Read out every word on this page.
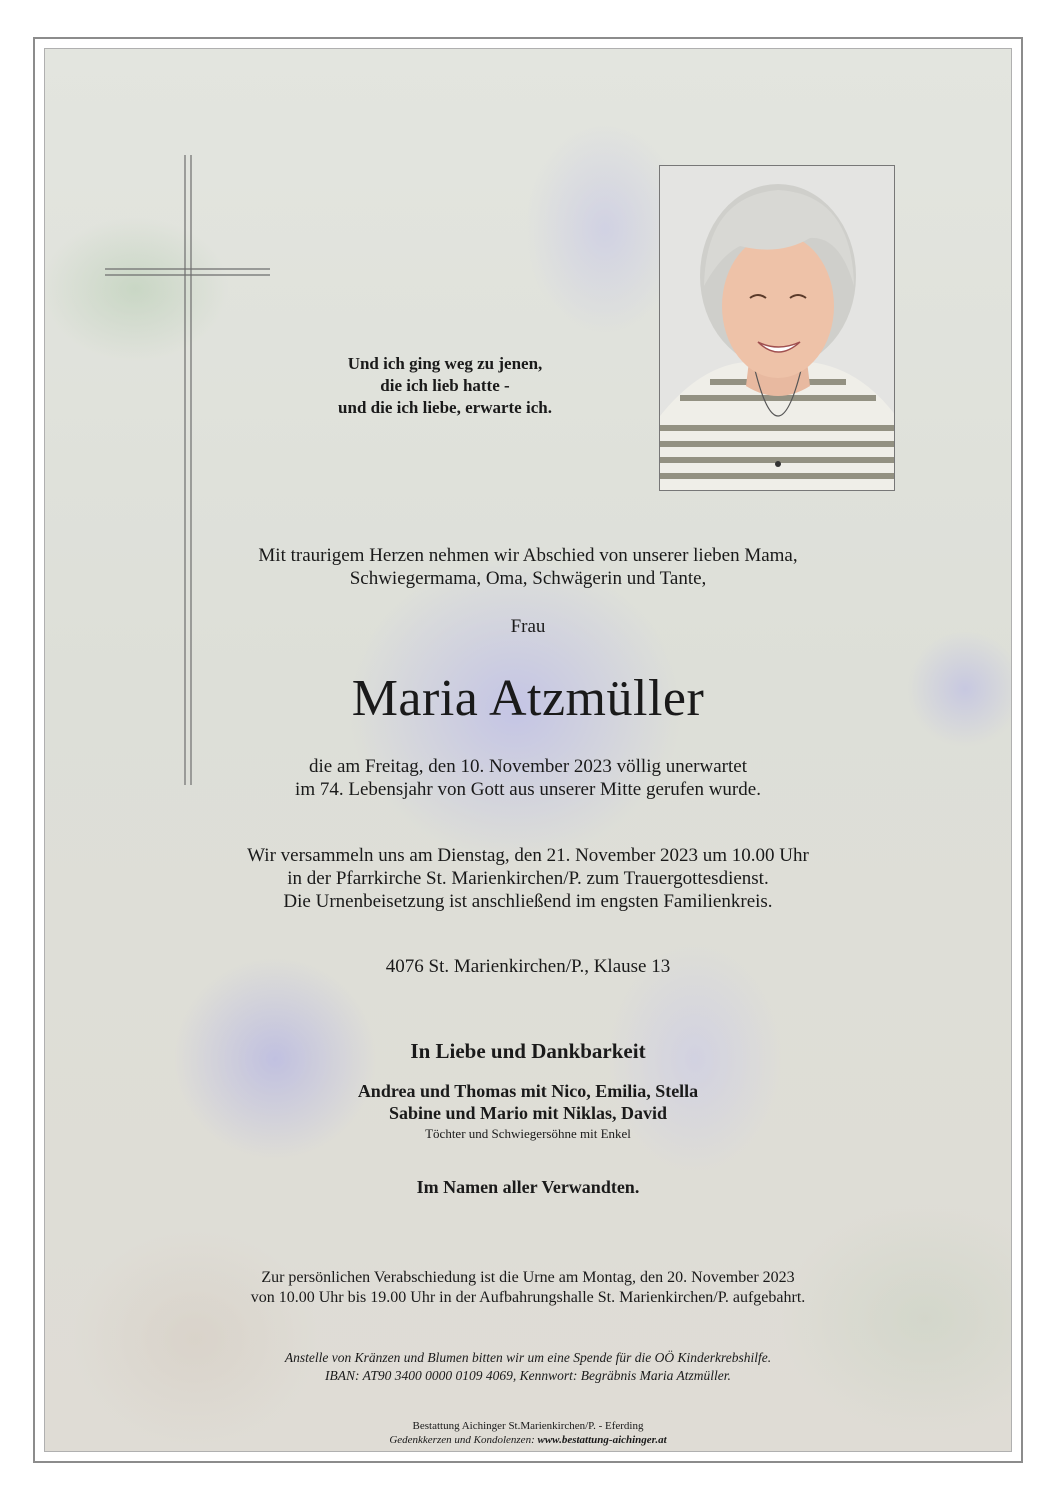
Und ich ging weg zu jenen,
die ich lieb hatte -
und die ich liebe, erwarte ich.
Mit traurigem Herzen nehmen wir Abschied von unserer lieben Mama,
Schwiegermama, Oma, Schwägerin und Tante,
Frau
Maria Atzmüller
die am Freitag, den 10. November 2023 völlig unerwartet
im 74. Lebensjahr von Gott aus unserer Mitte gerufen wurde.
Wir versammeln uns am Dienstag, den 21. November 2023 um 10.00 Uhr
in der Pfarrkirche St. Marienkirchen/P. zum Trauergottesdienst.
Die Urnenbeisetzung ist anschließend im engsten Familienkreis.
4076 St. Marienkirchen/P., Klause 13
In Liebe und Dankbarkeit
Andrea und Thomas mit Nico, Emilia, Stella
Sabine und Mario mit Niklas, David
Töchter und Schwiegersöhne mit Enkel
Im Namen aller Verwandten.
Zur persönlichen Verabschiedung ist die Urne am Montag, den 20. November 2023
von 10.00 Uhr bis 19.00 Uhr in der Aufbahrungshalle St. Marienkirchen/P. aufgebahrt.
Anstelle von Kränzen und Blumen bitten wir um eine Spende für die OÖ Kinderkrebshilfe.
IBAN: AT90 3400 0000 0109 4069, Kennwort: Begräbnis Maria Atzmüller.
Bestattung Aichinger St.Marienkirchen/P. - Eferding
Gedenkkerzen und Kondolenzen: www.bestattung-aichinger.at
